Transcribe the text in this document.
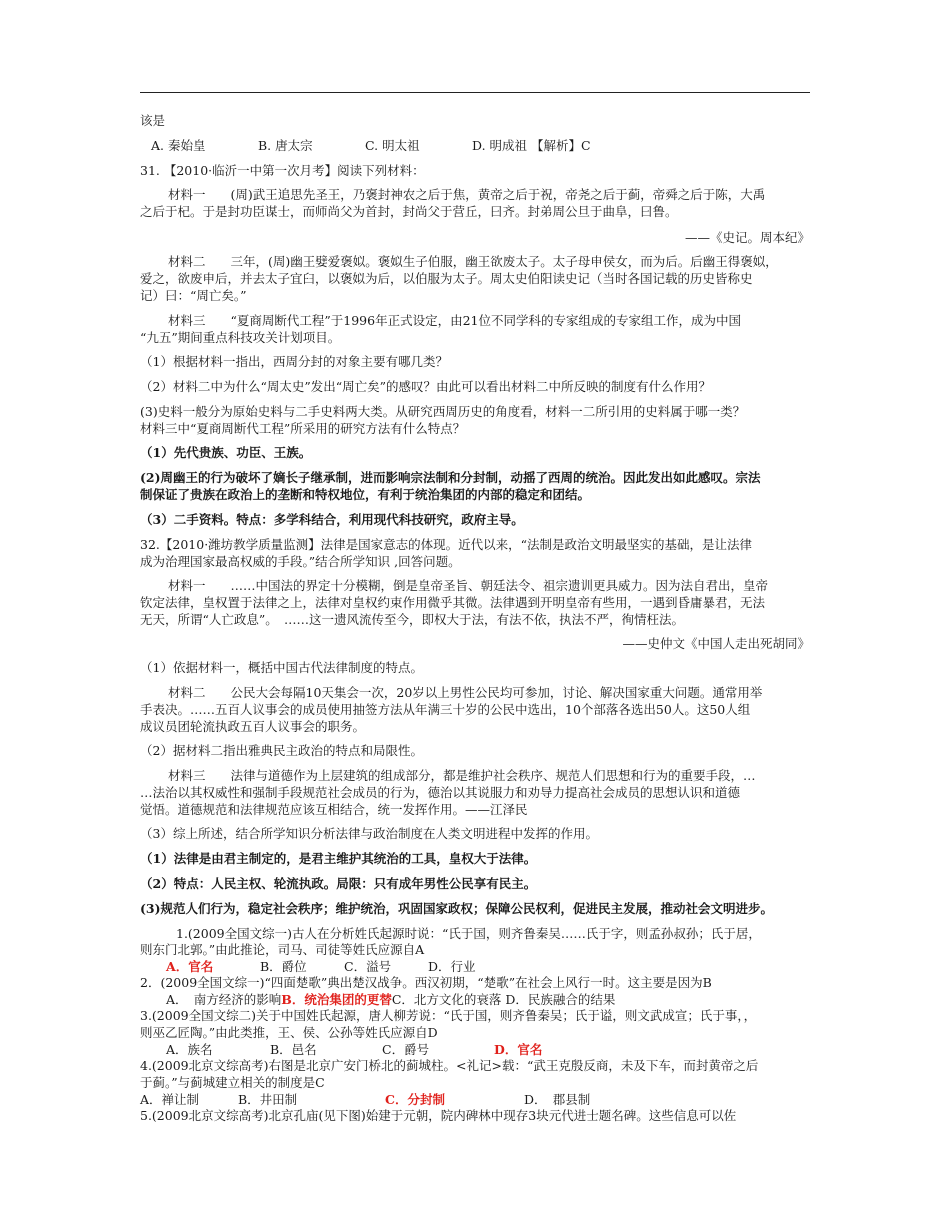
该是
A. 秦始皇	B. 唐太宗	C. 明太祖	D. 明成祖 【解析】C
31. 【2010·临沂一中第一次月考】阅读下列材料：
材料一　　(周)武王追思先圣王，乃褒封神农之后于焦，黄帝之后于祝，帝尧之后于蓟，帝舜之后于陈，大禹
之后于杞。于是封功臣谋士，而师尚父为首封，封尚父于营丘，曰齐。封弟周公旦于曲阜，曰鲁。
——《史记。周本纪》
材料二　　三年，(周)幽王嬖爱褒姒。褒姒生子伯服，幽王欲废太子。太子母申侯女，而为后。后幽王得褒姒，
爱之，欲废申后，并去太子宜臼，以褒姒为后，以伯服为太子。周太史伯阳读史记（当时各国记载的历史皆称史
记）曰：“周亡矣。”
材料三　　“夏商周断代工程”于1996年正式设定，由21位不同学科的专家组成的专家组工作，成为中国
“九五”期间重点科技攻关计划项目。
（1）根据材料一指出，西周分封的对象主要有哪几类？
（2）材料二中为什么“周太史”发出“周亡矣”的感叹？由此可以看出材料二中所反映的制度有什么作用？
(3)史料一般分为原始史料与二手史料两大类。从研究西周历史的角度看，材料一二所引用的史料属于哪一类？
材料三中“夏商周断代工程”所采用的研究方法有什么特点？
（1）先代贵族、功臣、王族。
(2)周幽王的行为破坏了嫡长子继承制，进而影响宗法制和分封制，动摇了西周的统治。因此发出如此感叹。宗法
制保证了贵族在政治上的垄断和特权地位，有利于统治集团的内部的稳定和团结。
（3）二手资料。特点：多学科结合，利用现代科技研究，政府主导。
32.【2010·潍坊教学质量监测】法律是国家意志的体现。近代以来，“法制是政治文明最坚实的基础，是让法律
成为治理国家最高权威的手段。”结合所学知识 ,回答问题。
材料一　　……中国法的界定十分模糊，倒是皇帝圣旨、朝廷法令、祖宗遗训更具威力。因为法自君出，皇帝
钦定法律，皇权置于法律之上，法律对皇权约束作用微乎其微。法律遇到开明皇帝有些用，一遇到昏庸暴君，无法
无天，所谓“人亡政息”。　……这一遗风流传至今，即权大于法，有法不依，执法不严，徇情枉法。
——史仲文《中国人走出死胡同》
（1）依据材料一，概括中国古代法律制度的特点。
材料二　　公民大会每隔10天集会一次，20岁以上男性公民均可参加，讨论、解决国家重大问题。通常用举
手表决。……五百人议事会的成员使用抽签方法从年满三十岁的公民中选出，10个部落各选出50人。这50人组
成议员团轮流执政五百人议事会的职务。
（2）据材料二指出雅典民主政治的特点和局限性。
材料三　　法律与道德作为上层建筑的组成部分，都是维护社会秩序、规范人们思想和行为的重要手段，…
…法治以其权威性和强制手段规范社会成员的行为，德治以其说服力和劝导力提高社会成员的思想认识和道德
觉悟。道德规范和法律规范应该互相结合，统一发挥作用。——江泽民
（3）综上所述，结合所学知识分析法律与政治制度在人类文明进程中发挥的作用。
（1）法律是由君主制定的，是君主维护其统治的工具，皇权大于法律。
（2）特点：人民主权、轮流执政。局限：只有成年男性公民享有民主。
(3)规范人们行为，稳定社会秩序；维护统治，巩固国家政权；保障公民权利，促进民主发展，推动社会文明进步。
1.(2009全国文综一)古人在分析姓氏起源时说：“氏于国，则齐鲁秦吴……氏于字，则孟孙叔孙；氏于居，
则东门北郭。”由此推论，司马、司徒等姓氏应源自A
A．官名	B．爵位	C．溢号	D．行业
2．(2009全国文综一)“四面楚歌”典出楚汉战争。西汉初期，“楚歌”在社会上风行一时。这主要是因为B
A．　南方经济的影响B．统治集团的更替C．北方文化的衰落 D．民族融合的结果
3.(2009全国文综二)关于中国姓氏起源，唐人柳芳说：“氏于国，则齐鲁秦吴；氏于谥，则文武成宣；氏于事，，
则巫乙匠陶。”由此类推，王、侯、公孙等姓氏应源自D
A．族名	B．邑名	C．爵号	D．官名
4.(2009北京文综高考)右图是北京广安门桥北的蓟城柱。<礼记>载：“武王克殷反商，未及下车，而封黄帝之后
于蓟。”与蓟城建立相关的制度是C
A．禅让制	B．井田制	C．分封制	D．　郡县制
5.(2009北京文综高考)北京孔庙(见下图)始建于元朝，院内碑林中现存3块元代进士题名碑。这些信息可以佐
